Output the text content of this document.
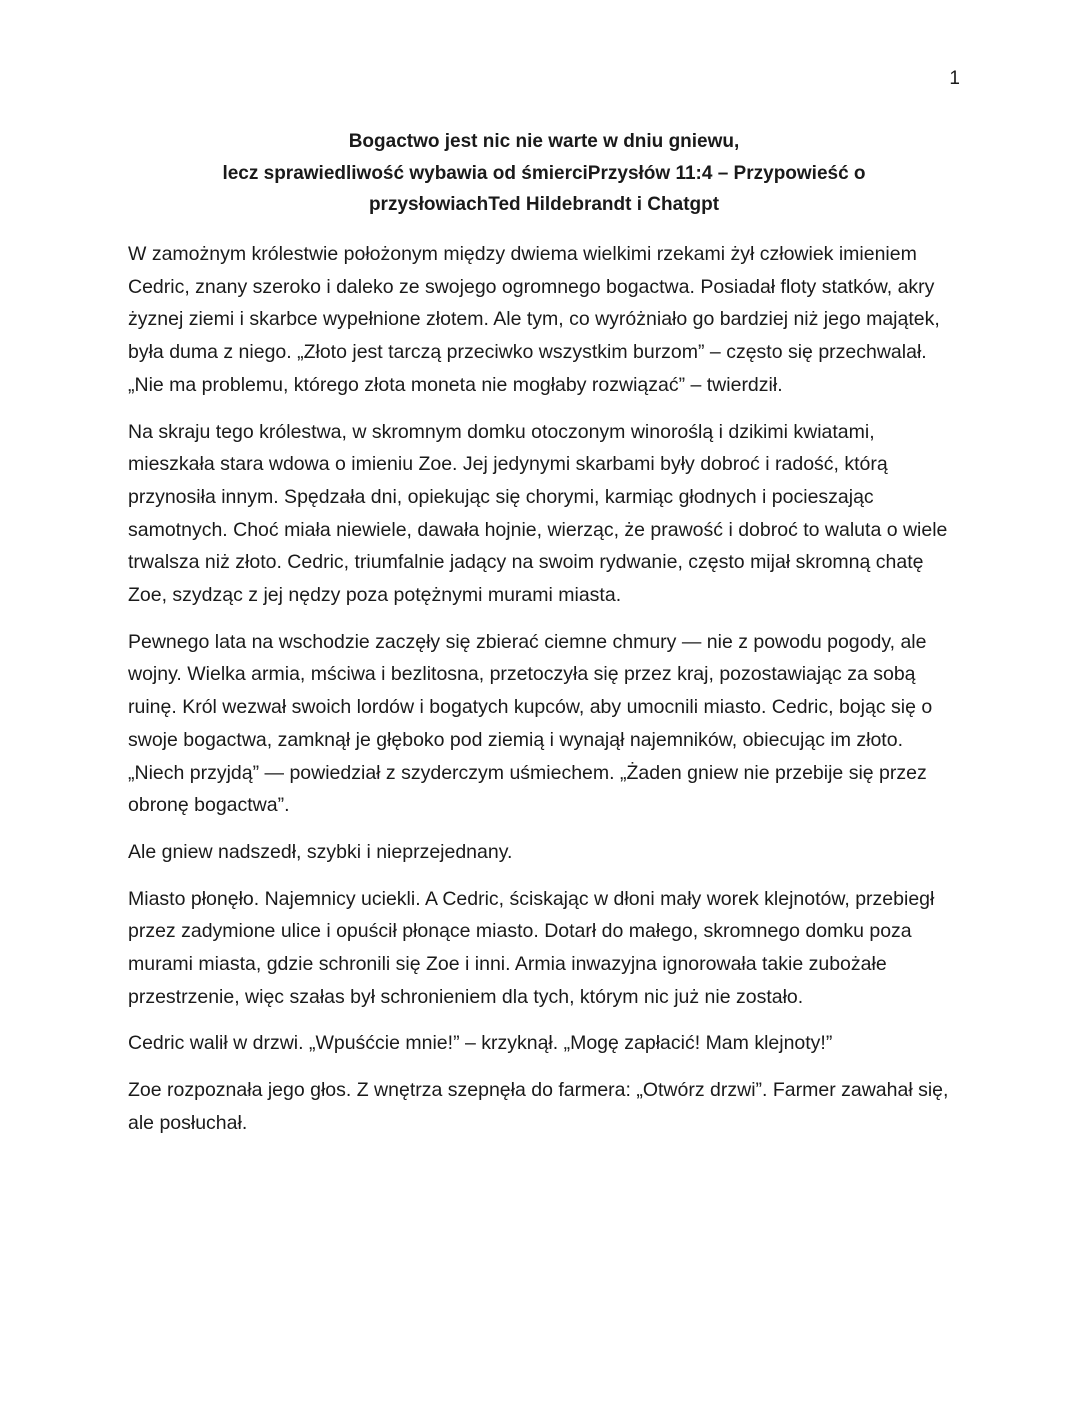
1
Bogactwo jest nic nie warte w dniu gniewu,
lecz sprawiedliwość wybawia od śmierciPrzysłów 11:4 – Przypowieść o
przysłowiachTed Hildebrandt i Chatgpt

W zamożnym królestwie położonym między dwiema wielkimi rzekami żył człowiek imieniem Cedric, znany szeroko i daleko ze swojego ogromnego bogactwa. Posiadał floty statków, akry żyznej ziemi i skarbce wypełnione złotem. Ale tym, co wyróżniało go bardziej niż jego majątek, była duma z niego. „Złoto jest tarczą przeciwko wszystkim burzom” – często się przechwalał. „Nie ma problemu, którego złota moneta nie mogłaby rozwiązać” – twierdził.

Na skraju tego królestwa, w skromnym domku otoczonym winoroślą i dzikimi kwiatami, mieszkała stara wdowa o imieniu Zoe. Jej jedynymi skarbami były dobroć i radość, którą przynosiła innym. Spędzała dni, opiekując się chorymi, karmiąc głodnych i pocieszając samotnych. Choć miała niewiele, dawała hojnie, wierząc, że prawość i dobroć to waluta o wiele trwalsza niż złoto. Cedric, triumfalnie jadący na swoim rydwanie, często mijał skromną chatę Zoe, szydząc z jej nędzy poza potężnymi murami miasta.

Pewnego lata na wschodzie zaczęły się zbierać ciemne chmury — nie z powodu pogody, ale wojny. Wielka armia, mściwa i bezlitosna, przetoczyła się przez kraj, pozostawiając za sobą ruinę. Król wezwał swoich lordów i bogatych kupców, aby umocnili miasto. Cedric, bojąc się o swoje bogactwa, zamknął je głęboko pod ziemią i wynajął najemników, obiecując im złoto. „Niech przyjdą” — powiedział z szyderczym uśmiechem. „Żaden gniew nie przebije się przez obronę bogactwa”.

Ale gniew nadszedł, szybki i nieprzejednany.

Miasto płonęło. Najemnicy uciekli. A Cedric, ściskając w dłoni mały worek klejnotów, przebiegł przez zadymione ulice i opuścił płonące miasto. Dotarł do małego, skromnego domku poza murami miasta, gdzie schronili się Zoe i inni. Armia inwazyjna ignorowała takie zubożałe przestrzenie, więc szałas był schronieniem dla tych, którym nic już nie zostało.

Cedric walił w drzwi. „Wpuśćcie mnie!” – krzyknął. „Mogę zapłacić! Mam klejnoty!”

Zoe rozpoznała jego głos. Z wnętrza szepnęła do farmera: „Otwórz drzwi”. Farmer zawahał się, ale posłuchał.
